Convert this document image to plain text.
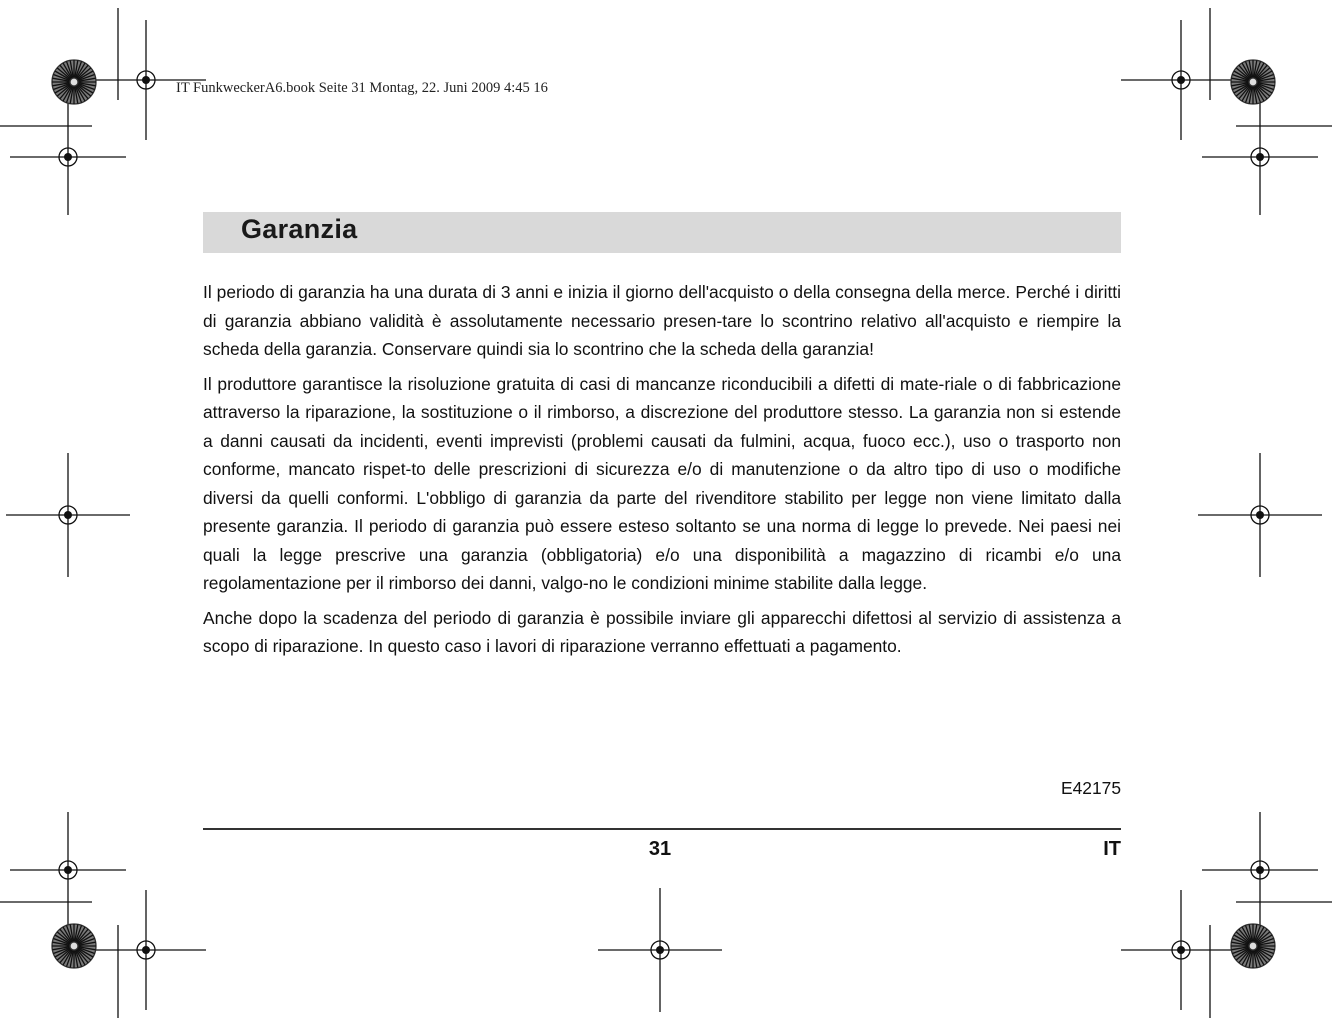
IT FunkweckerA6.book Seite 31 Montag, 22. Juni 2009 4:45 16
Garanzia

Il periodo di garanzia ha una durata di 3 anni e inizia il giorno dell'acquisto o della consegna della merce. Perché i diritti di garanzia abbiano validità è assolutamente necessario presen-tare lo scontrino relativo all'acquisto e riempire la scheda della garanzia. Conservare quindi sia lo scontrino che la scheda della garanzia!

Il produttore garantisce la risoluzione gratuita di casi di mancanze riconducibili a difetti di mate-riale o di fabbricazione attraverso la riparazione, la sostituzione o il rimborso, a discrezione del produttore stesso. La garanzia non si estende a danni causati da incidenti, eventi imprevisti (problemi causati da fulmini, acqua, fuoco ecc.), uso o trasporto non conforme, mancato rispet-to delle prescrizioni di sicurezza e/o di manutenzione o da altro tipo di uso o modifiche diversi da quelli conformi. L'obbligo di garanzia da parte del rivenditore stabilito per legge non viene limitato dalla presente garanzia. Il periodo di garanzia può essere esteso soltanto se una norma di legge lo prevede. Nei paesi nei quali la legge prescrive una garanzia (obbligatoria) e/o una disponibilità a magazzino di ricambi e/o una regolamentazione per il rimborso dei danni, valgo-no le condizioni minime stabilite dalla legge.

Anche dopo la scadenza del periodo di garanzia è possibile inviare gli apparecchi difettosi al servizio di assistenza a scopo di riparazione. In questo caso i lavori di riparazione verranno effettuati a pagamento.

E42175
31	IT
